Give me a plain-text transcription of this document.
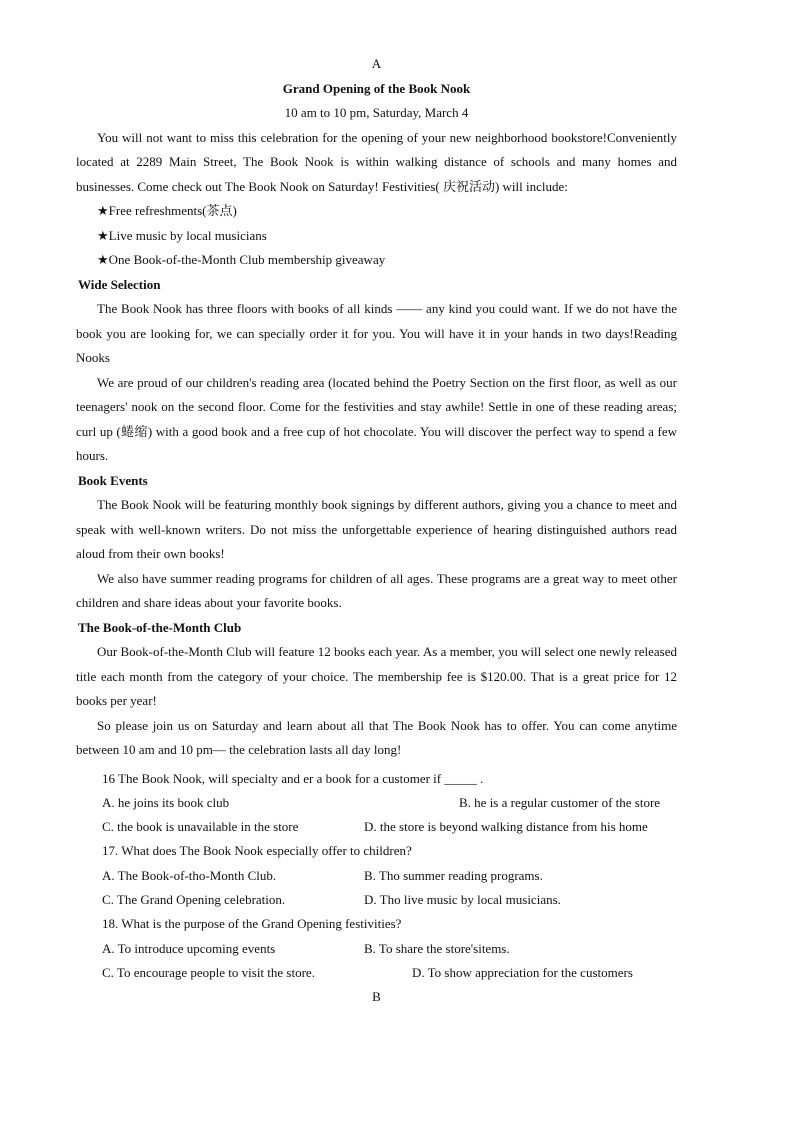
A
Grand Opening of the Book Nook
10 am to 10 pm, Saturday, March 4

You will not want to miss this celebration for the opening of your new neighborhood bookstore!Conveniently located at 2289 Main Street, The Book Nook is within walking distance of schools and many homes and businesses. Come check out The Book Nook on Saturday! Festivities( 庆祝活动) will include:

★Free refreshments(茶点)
★Live music by local musicians
★One Book-of-the-Month Club membership giveaway
Wide Selection

The Book Nook has three floors with books of all kinds —— any kind you could want. If we do not have the book you are looking for, we can specially order it for you. You will have it in your hands in two days!Reading Nooks

We are proud of our children's reading area (located behind the Poetry Section on the first floor, as well as our teenagers' nook on the second floor. Come for the festivities and stay awhile! Settle in one of these reading areas; curl up (蜷缩) with a good book and a free cup of hot chocolate. You will discover the perfect way to spend a few hours.

Book Events

The Book Nook will be featuring monthly book signings by different authors, giving you a chance to meet and speak with well-known writers. Do not miss the unforgettable experience of hearing distinguished authors read aloud from their own books!

We also have summer reading programs for children of all ages. These programs are a great way to meet other children and share ideas about your favorite books.

The Book-of-the-Month Club

Our Book-of-the-Month Club will feature 12 books each year. As a member, you will select one newly released title each month from the category of your choice. The membership fee is $120.00. That is a great price for 12 books per year!

So please join us on Saturday and learn about all that The Book Nook has to offer. You can come anytime between 10 am and 10 pm— the celebration lasts all day long!

16 The Book Nook, will specialty and er a book for a customer if _____ .
A. he joins its book club	B. he is a regular customer of the store
C. the book is unavailable in the store	D. the store is beyond walking distance from his home
17. What does The Book Nook especially offer to children?
A. The Book-of-tho-Month Club.	B. Tho summer reading programs.
C. The Grand Opening celebration.	D. Tho live music by local musicians.
18. What is the purpose of the Grand Opening festivities?
A. To introduce upcoming events	B. To share the store'sitems.
C. To encourage people to visit the store.	D. To show appreciation for the customers
B
